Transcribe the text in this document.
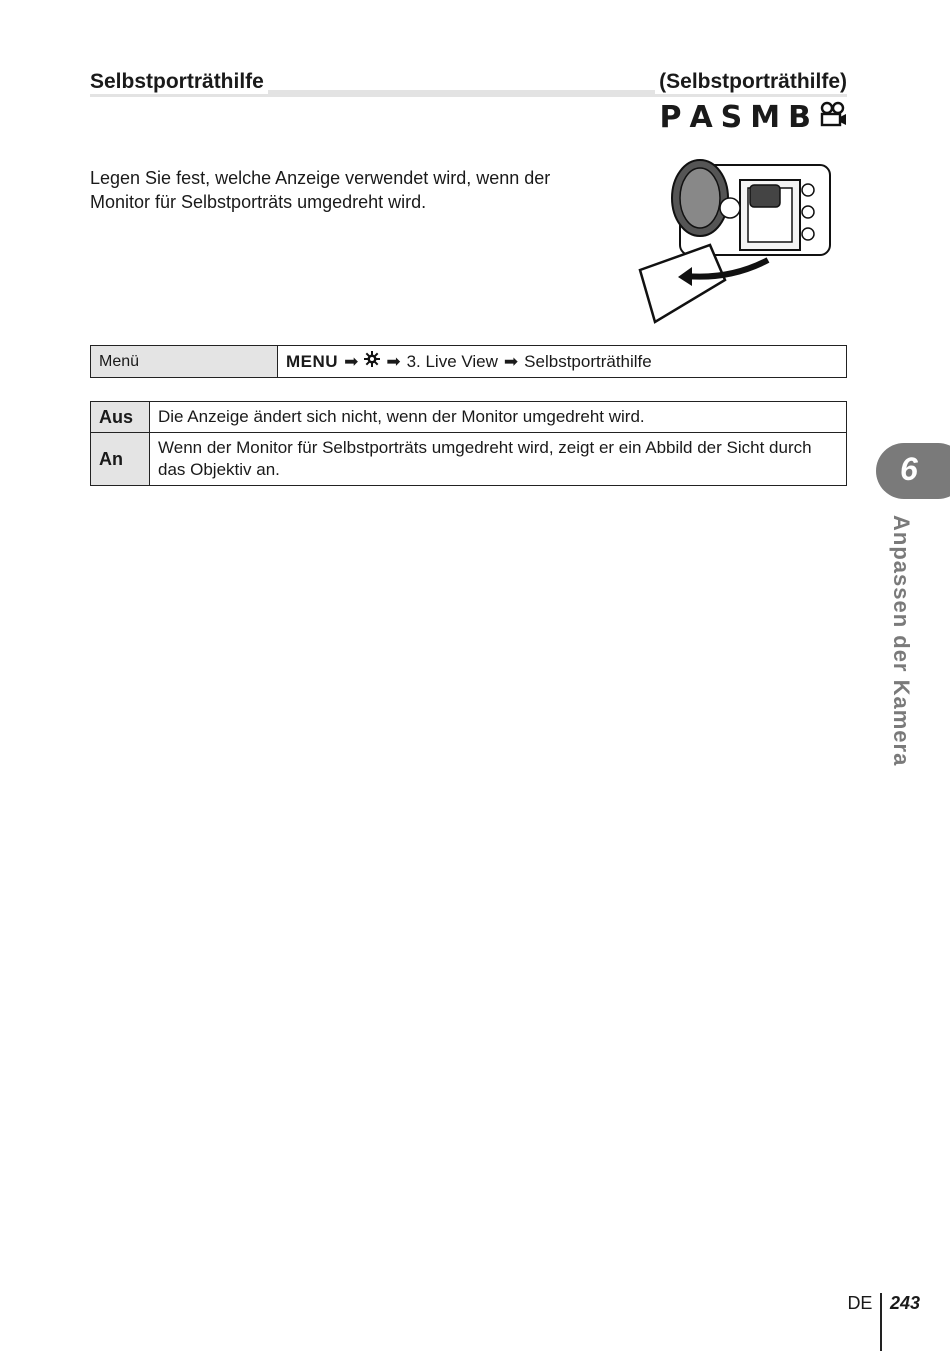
Selbstporträthilfe	(Selbstporträthilfe)
P A S M B

Legen Sie fest, welche Anzeige verwendet wird, wenn der Monitor für Selbstporträts umgedreht wird.

Menü	MENU ➡ ➡ 3. Live View ➡ Selbstporträthilfe
Aus	Die Anzeige ändert sich nicht, wenn der Monitor umgedreht wird.
An	Wenn der Monitor für Selbstporträts umgedreht wird, zeigt er ein Abbild der Sicht durch das Objektiv an.	6
Anpassen der Kamera
DE 243
